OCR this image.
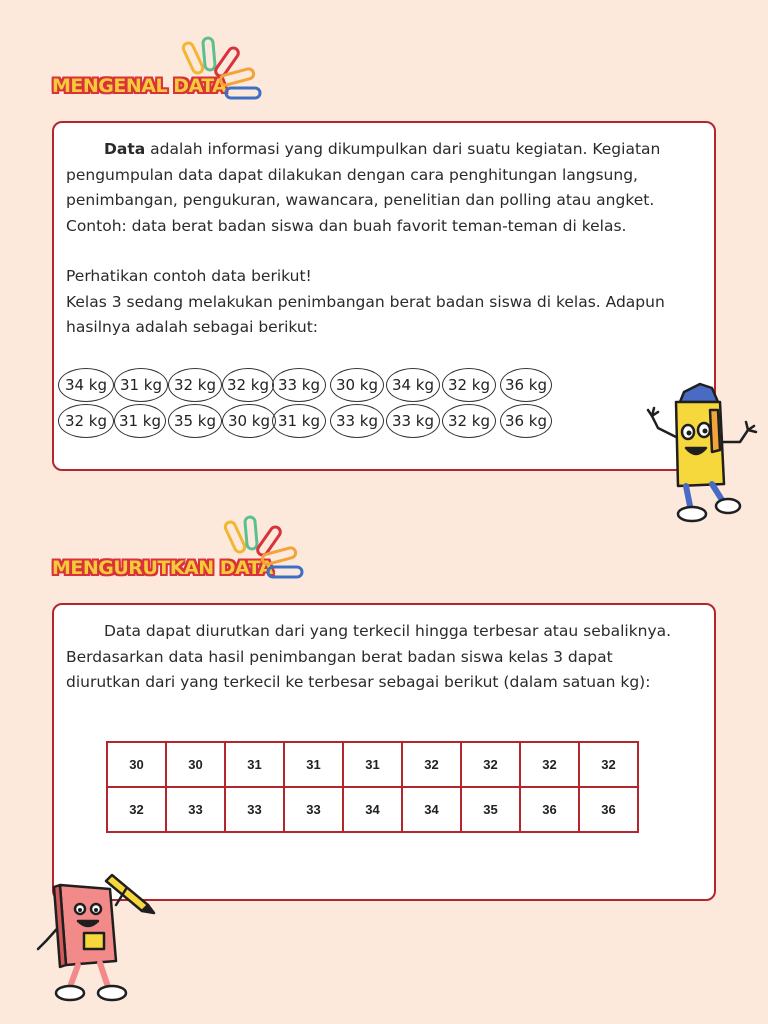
MENGENAL DATA

Data adalah informasi yang dikumpulkan dari suatu kegiatan. Kegiatan pengumpulan data dapat dilakukan dengan cara penghitungan langsung, penimbangan, pengukuran, wawancara, penelitian dan polling atau angket. Contoh: data berat badan siswa dan buah favorit teman-teman di kelas.

Perhatikan contoh data berikut!
Kelas 3 sedang melakukan penimbangan berat badan siswa di kelas. Adapun hasilnya adalah sebagai berikut:

34 kg 31 kg 32 kg 32 kg 33 kg	30 kg 34 kg 32 kg 36 kg
32 kg 31 kg 35 kg 30 kg 31 kg	33 kg 33 kg 32 kg 36 kg
MENGURUTKAN DATA

Data dapat diurutkan dari yang terkecil hingga terbesar atau sebaliknya.
Berdasarkan data hasil penimbangan berat badan siswa kelas 3 dapat diurutkan dari yang terkecil ke terbesar sebagai berikut (dalam satuan kg):

30	30	31	31	31	32	32	32	32
32	33	33	33	34	34	35	36	36
